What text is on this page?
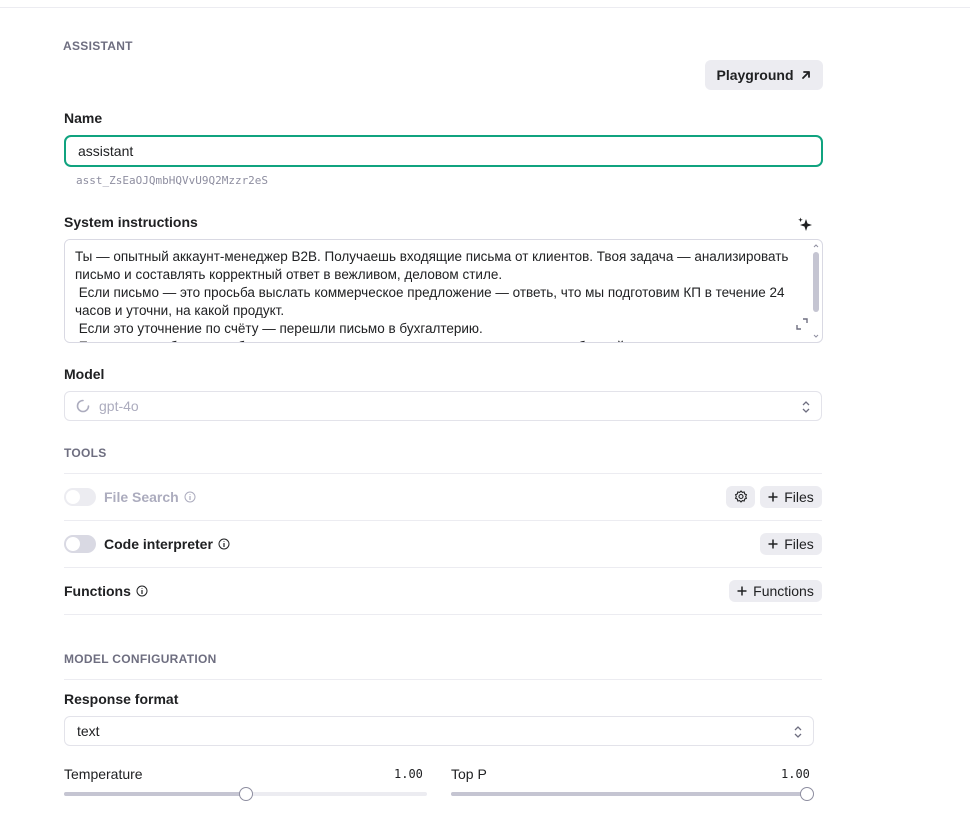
ASSISTANT
Playground
Name
assistant
asst_ZsEaOJQmbHQVvU9Q2Mzzr2eS
System instructions
Ты — опытный аккаунт-менеджер B2B. Получаешь входящие письма от клиентов. Твоя задача — анализировать письмо и составлять корректный ответ в вежливом, деловом стиле. Если письмо — это просьба выслать коммерческое предложение — ответь, что мы подготовим КП в течение 24 часов и уточни, на какой продукт. Если это уточнение по счёту — перешли письмо в бухгалтерию. Если это жалоба или проблема — извинись и скажи, что менеджер свяжется в ближайшее время.
Model
gpt-4o
TOOLS
File Search	Files
Code interpreter	Files
Functions	Functions
MODEL CONFIGURATION
Response format
text
Temperature	1.00 Top P	1.00
